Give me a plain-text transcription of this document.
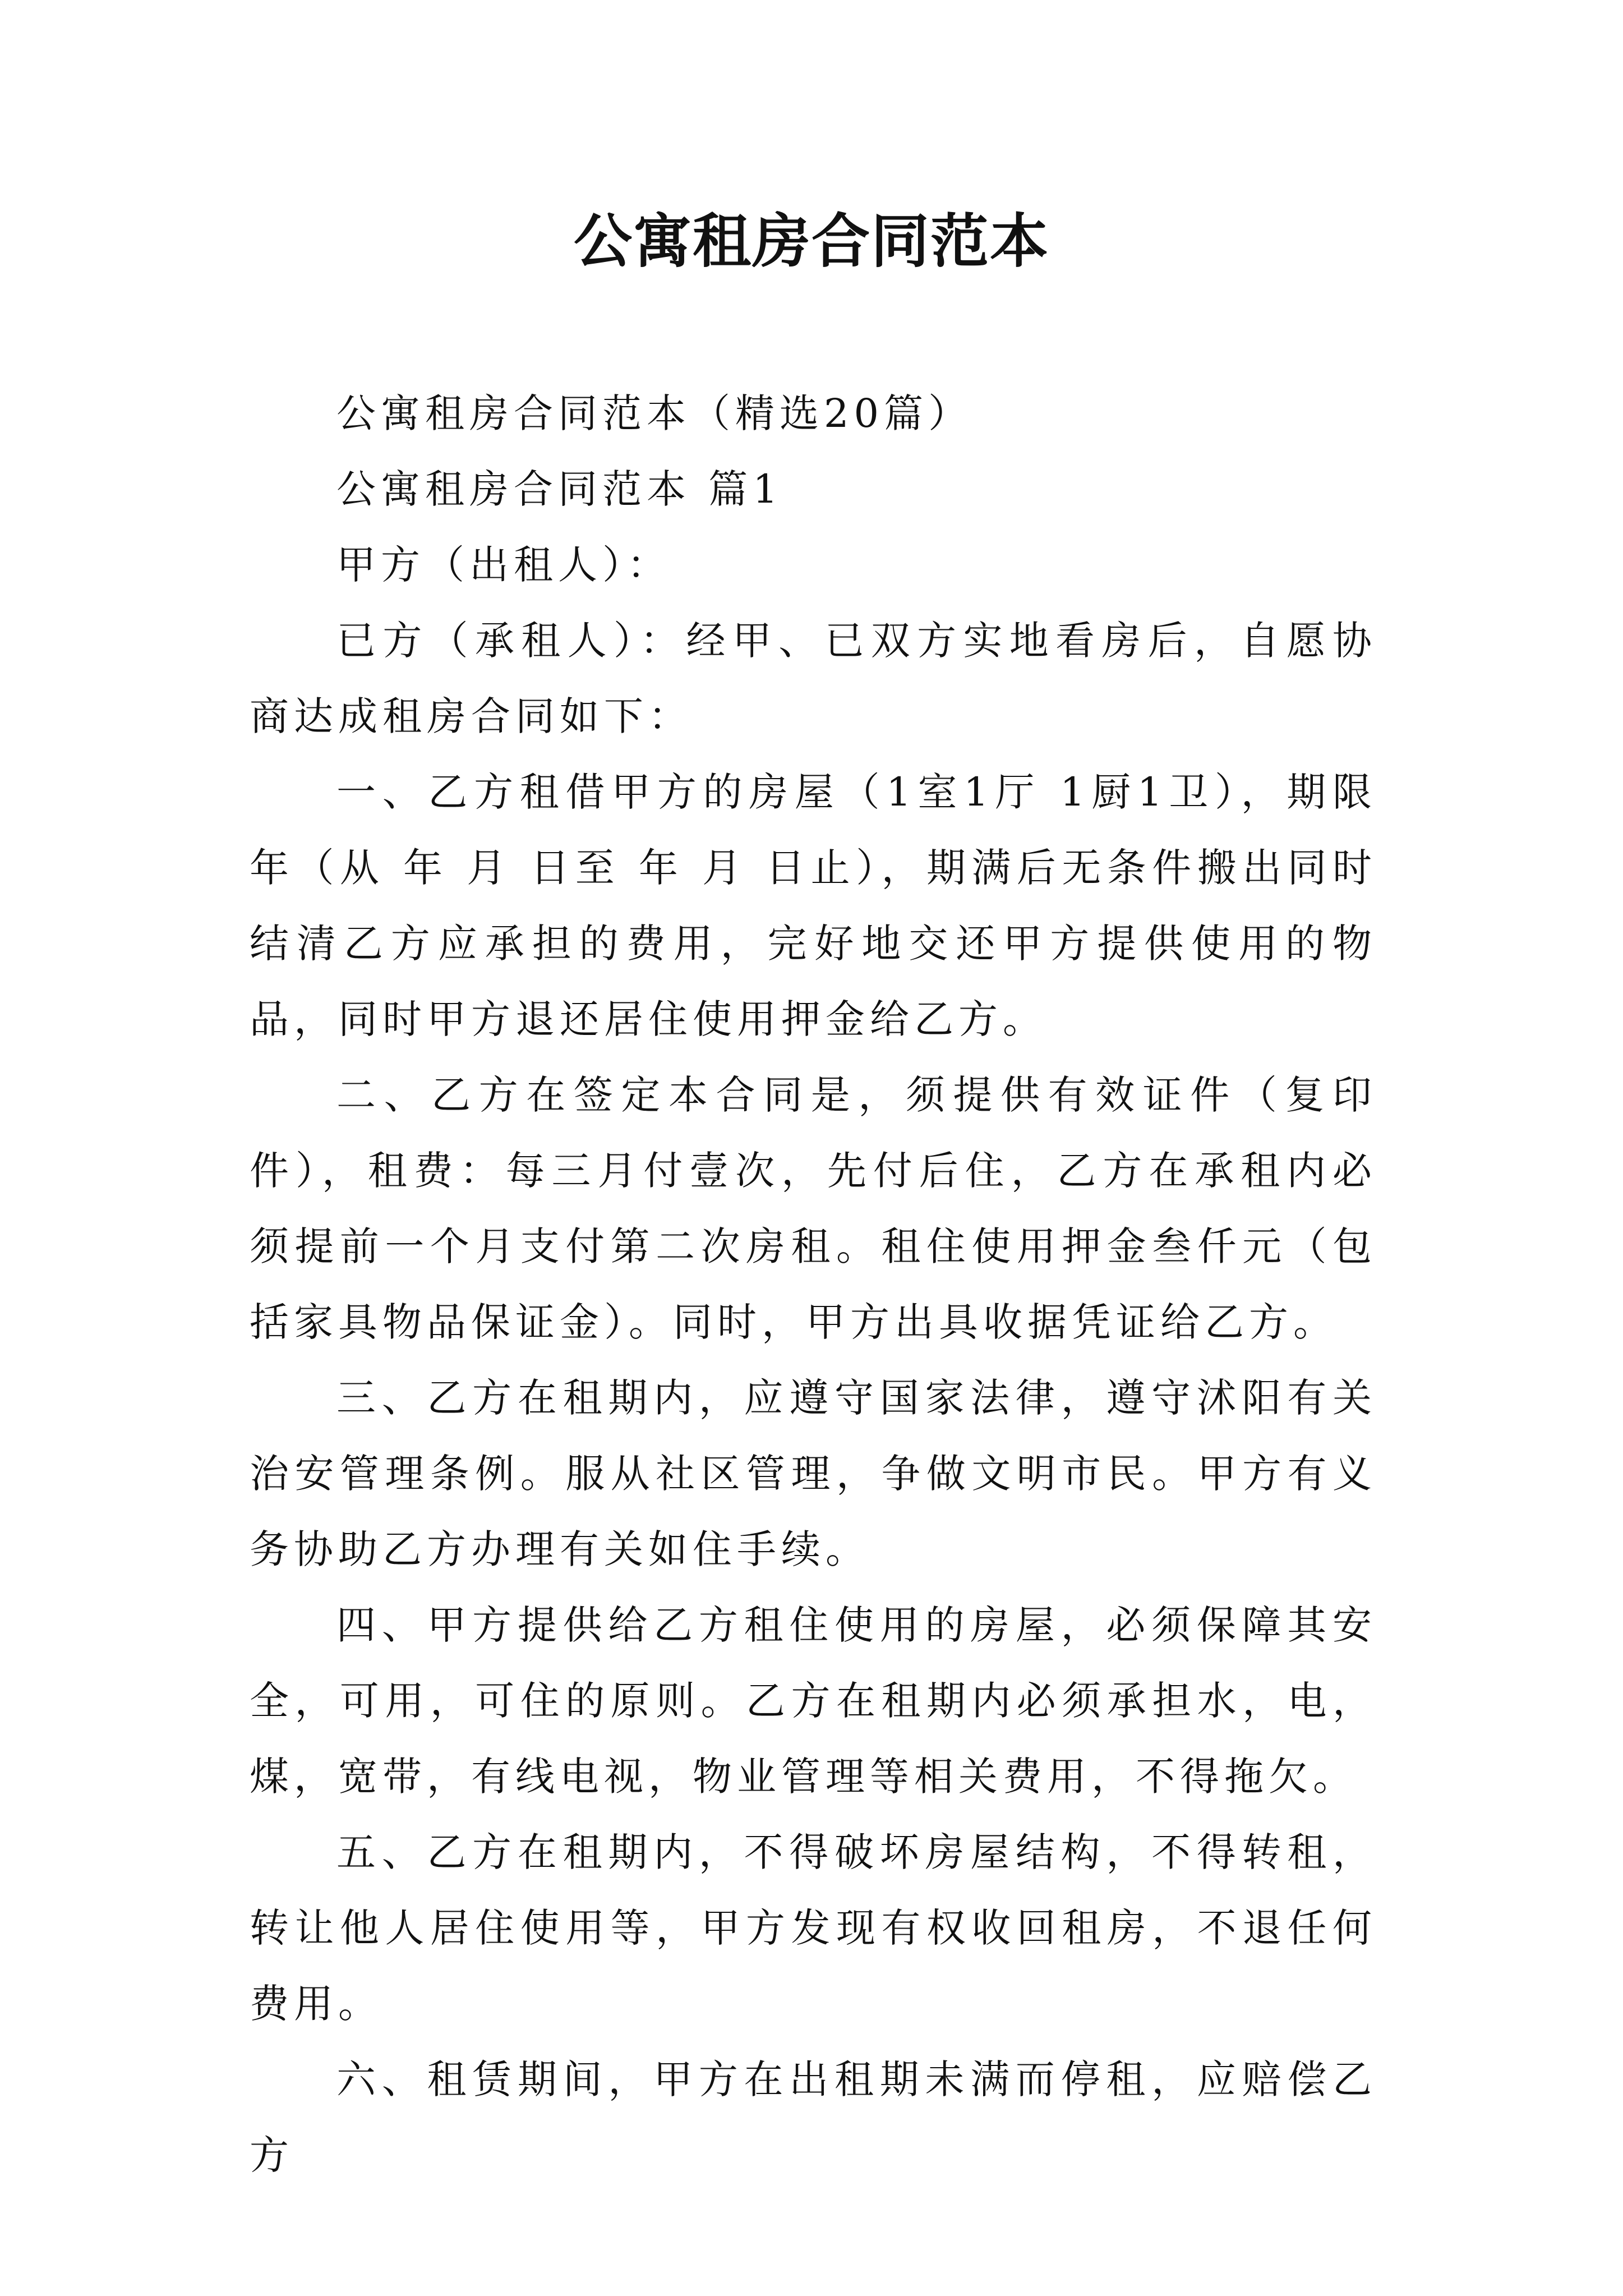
公寓租房合同范本

公寓租房合同范本（精选20篇）

公寓租房合同范本 篇1

甲方（出租人）：

已方（承租人）：经甲、已双方实地看房后，自愿协商达成租房合同如下：

一、乙方租借甲方的房屋（1室1厅 1厨1卫），期限 年（从 年 月 日至 年 月 日止），期满后无条件搬出同时结清乙方应承担的费用，完好地交还甲方提供使用的物品，同时甲方退还居住使用押金给乙方。

二、乙方在签定本合同是，须提供有效证件（复印件），租费：每三月付壹次，先付后住，乙方在承租内必须提前一个月支付第二次房租。租住使用押金叁仟元（包括家具物品保证金）。同时，甲方出具收据凭证给乙方。

三、乙方在租期内，应遵守国家法律，遵守沭阳有关治安管理条例。服从社区管理，争做文明市民。甲方有义务协助乙方办理有关如住手续。

四、甲方提供给乙方租住使用的房屋，必须保障其安全，可用，可住的原则。乙方在租期内必须承担水，电，煤，宽带，有线电视，物业管理等相关费用，不得拖欠。

五、乙方在租期内，不得破坏房屋结构，不得转租，转让他人居住使用等，甲方发现有权收回租房，不退任何费用。

六、租赁期间，甲方在出租期未满而停租，应赔偿乙方
